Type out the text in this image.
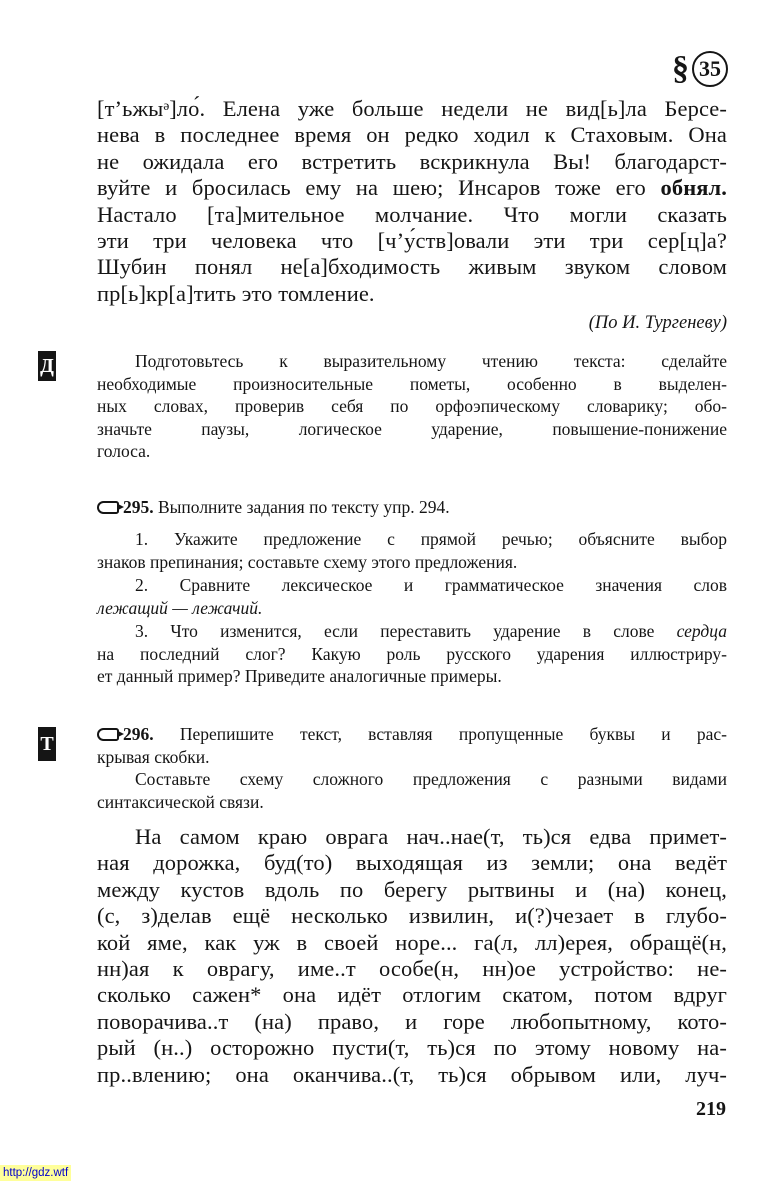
§ 35
[т’ьжыᵊ]ло́. Елена уже больше недели не вид[ь]ла Берсе-
нева в последнее время он редко ходил к Стаховым. Она
не ожидала его встретить вскрикнула Вы! благодарст-
вуйте и бросилась ему на шею; Инсаров тоже его обнял.
Настало [та]мительное молчание. Что могли сказать
эти три человека что [ч’у́ств]овали эти три сер[ц]а?
Шубин понял не[а]бходимость живым звуком словом
пр[ь]кр[а]тить это томление.
(По И. Тургеневу)
Д	Подготовьтесь к выразительному чтению текста: сделайте
необходимые произносительные пометы, особенно в выделен-
ных словах, проверив себя по орфоэпическому словарику; обо-
значьте паузы, логическое ударение, повышение-понижение
голоса.
295. Выполните задания по тексту упр. 294.
1. Укажите предложение с прямой речью; объясните выбор
знаков препинания; составьте схему этого предложения.
2. Сравните лексическое и грамматическое значения слов
лежащий — лежачий.
3. Что изменится, если переставить ударение в слове сердца
на последний слог? Какую роль русского ударения иллюстриру-
ет данный пример? Приведите аналогичные примеры.
Т	296. Перепишите текст, вставляя пропущенные буквы и рас-
крывая скобки.
Составьте схему сложного предложения с разными видами
синтаксической связи.
На самом краю оврага нач..нае(т, ть)ся едва примет-
ная дорожка, буд(то) выходящая из земли; она ведёт
между кустов вдоль по берегу рытвины и (на) конец,
(с, з)делав ещё несколько извилин, и(?)чезает в глубо-
кой яме, как уж в своей норе... га(л, лл)ерея, обращё(н,
нн)ая к оврагу, име..т особе(н, нн)ое устройство: не-
сколько сажен* она идёт отлогим скатом, потом вдруг
поворачива..т (на) право, и горе любопытному, кото-
рый (н..) осторожно пусти(т, ть)ся по этому новому на-
пр..влению; она оканчива..(т, ть)ся обрывом или, луч-
219
http://gdz.wtf
